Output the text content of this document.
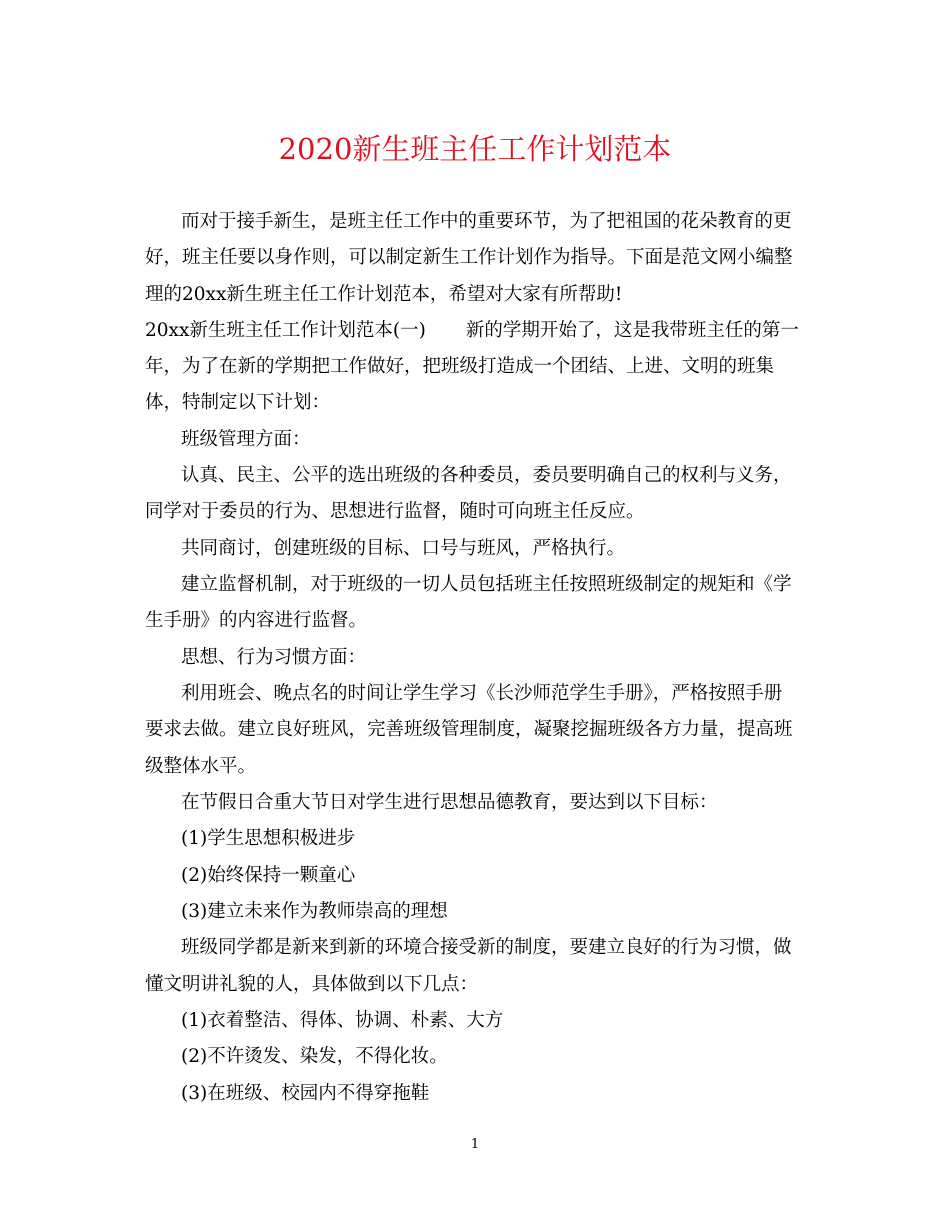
2020新生班主任工作计划范本
而对于接手新生，是班主任工作中的重要环节，为了把祖国的花朵教育的更
好，班主任要以身作则，可以制定新生工作计划作为指导。下面是范文网小编整
理的20xx新生班主任工作计划范本，希望对大家有所帮助!
20xx新生班主任工作计划范本(一) 新的学期开始了，这是我带班主任的第一
年，为了在新的学期把工作做好，把班级打造成一个团结、上进、文明的班集
体，特制定以下计划：
班级管理方面：
认真、民主、公平的选出班级的各种委员，委员要明确自己的权利与义务，
同学对于委员的行为、思想进行监督，随时可向班主任反应。
共同商讨，创建班级的目标、口号与班风，严格执行。
建立监督机制，对于班级的一切人员包括班主任按照班级制定的规矩和《学
生手册》的内容进行监督。
思想、行为习惯方面：
利用班会、晚点名的时间让学生学习《长沙师范学生手册》，严格按照手册
要求去做。建立良好班风，完善班级管理制度，凝聚挖掘班级各方力量，提高班
级整体水平。
在节假日合重大节日对学生进行思想品德教育，要达到以下目标：
(1)学生思想积极进步
(2)始终保持一颗童心
(3)建立未来作为教师崇高的理想
班级同学都是新来到新的环境合接受新的制度，要建立良好的行为习惯，做
懂文明讲礼貌的人，具体做到以下几点：
(1)衣着整洁、得体、协调、朴素、大方
(2)不许烫发、染发，不得化妆。
(3)在班级、校园内不得穿拖鞋
1
